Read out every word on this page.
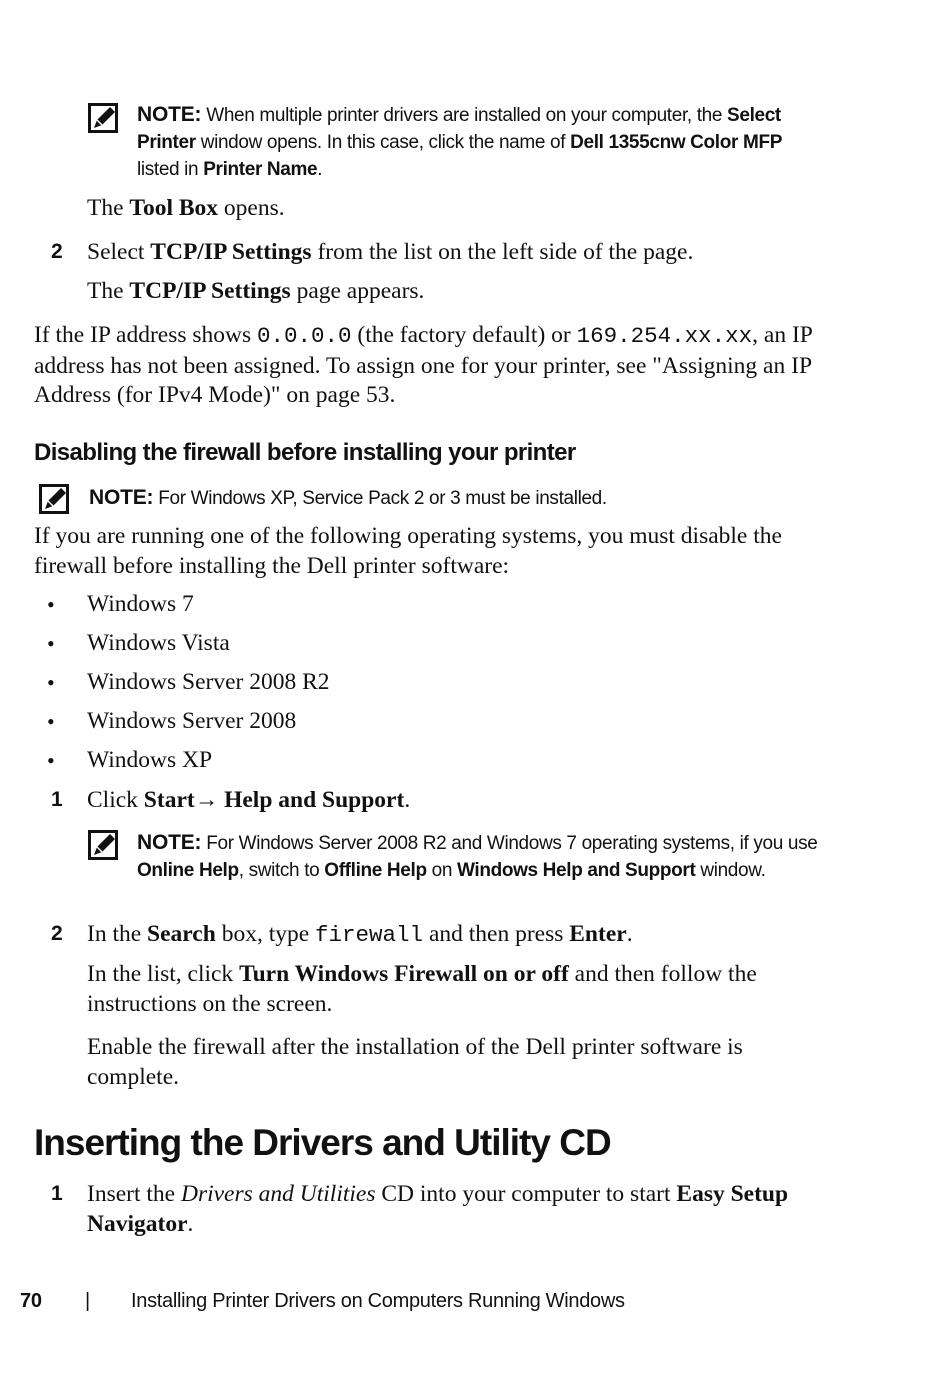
NOTE: When multiple printer drivers are installed on your computer, the Select Printer window opens. In this case, click the name of Dell 1355cnw Color MFP listed in Printer Name.

The Tool Box opens.

2 Select TCP/IP Settings from the list on the left side of the page.

The TCP/IP Settings page appears.

If the IP address shows 0.0.0.0 (the factory default) or 169.254.xx.xx, an IP address has not been assigned. To assign one for your printer, see "Assigning an IP Address (for IPv4 Mode)" on page 53.

Disabling the firewall before installing your printer
NOTE: For Windows XP, Service Pack 2 or 3 must be installed.

If you are running one of the following operating systems, you must disable the firewall before installing the Dell printer software:

• Windows 7

• Windows Vista

• Windows Server 2008 R2

• Windows Server 2008

• Windows XP

1 Click Start→ Help and Support.

NOTE: For Windows Server 2008 R2 and Windows 7 operating systems, if you use Online Help, switch to Offline Help on Windows Help and Support window.
2 In the Search box, type firewall and then press Enter.

In the list, click Turn Windows Firewall on or off and then follow the instructions on the screen.

Enable the firewall after the installation of the Dell printer software is complete.

Inserting the Drivers and Utility CD
1 Insert the Drivers and Utilities CD into your computer to start Easy Setup Navigator.

70 | Installing Printer Drivers on Computers Running Windows
